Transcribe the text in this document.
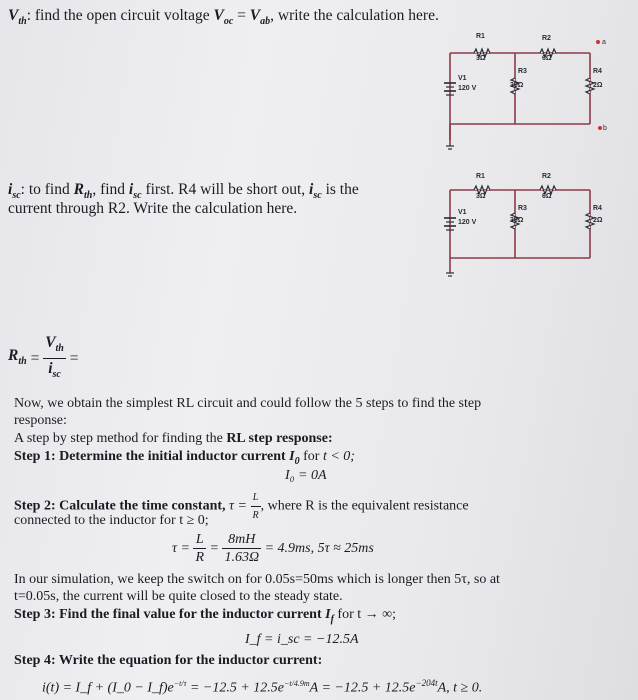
$V_{th}$: find the open circuit voltage $V_{oc} = V_{ab}$, write the calculation here.
R1
3Ω
R2
6Ω
R3
30Ω
R4
2Ω
V1
120 V
a
b
$i_{sc}$: to find $R_{th}$, find $i_{sc}$ first. R4 will be short out, $i_{sc}$ is the
current through R2. Write the calculation here.
R1
3Ω
R2
6Ω
R3
30Ω
R4
2Ω
V1
120 V
$R_{th} = \frac{V_{th}}{i_{sc}}$ =
Now, we obtain the simplest RL circuit and could follow the 5 steps to find the step
response:
A step by step method for finding the RL step response:
Step 1: Determine the initial inductor current $I_0$ for t < 0;
I₀ = 0A
Step 2: Calculate the time constant, $\tau = \frac{L}{R}$ , where R is the equivalent resistance
connected to the inductor for t ≥ 0;
$\tau = \frac{L}{R} = \frac{8mH}{1.63\Omega} = 4.9ms$, 5τ ≈ 25ms
In our simulation, we keep the switch on for 0.05s=50ms which is longer then 5τ, so at
t=0.05s, the current will be quite closed to the steady state.
Step 3: Find the final value for the inductor current $I_f$ for t → ∞;
I_f = i_sc = −12.5A
Step 4: Write the equation for the inductor current:
i(t) = I_f + (I_0 − $I\_f)e^{-t/\tau} = -12.5 + 12.5e^{-t/4.9m}A = -12.5 + 12.5e^{-204t}A$, t ≥ 0.
